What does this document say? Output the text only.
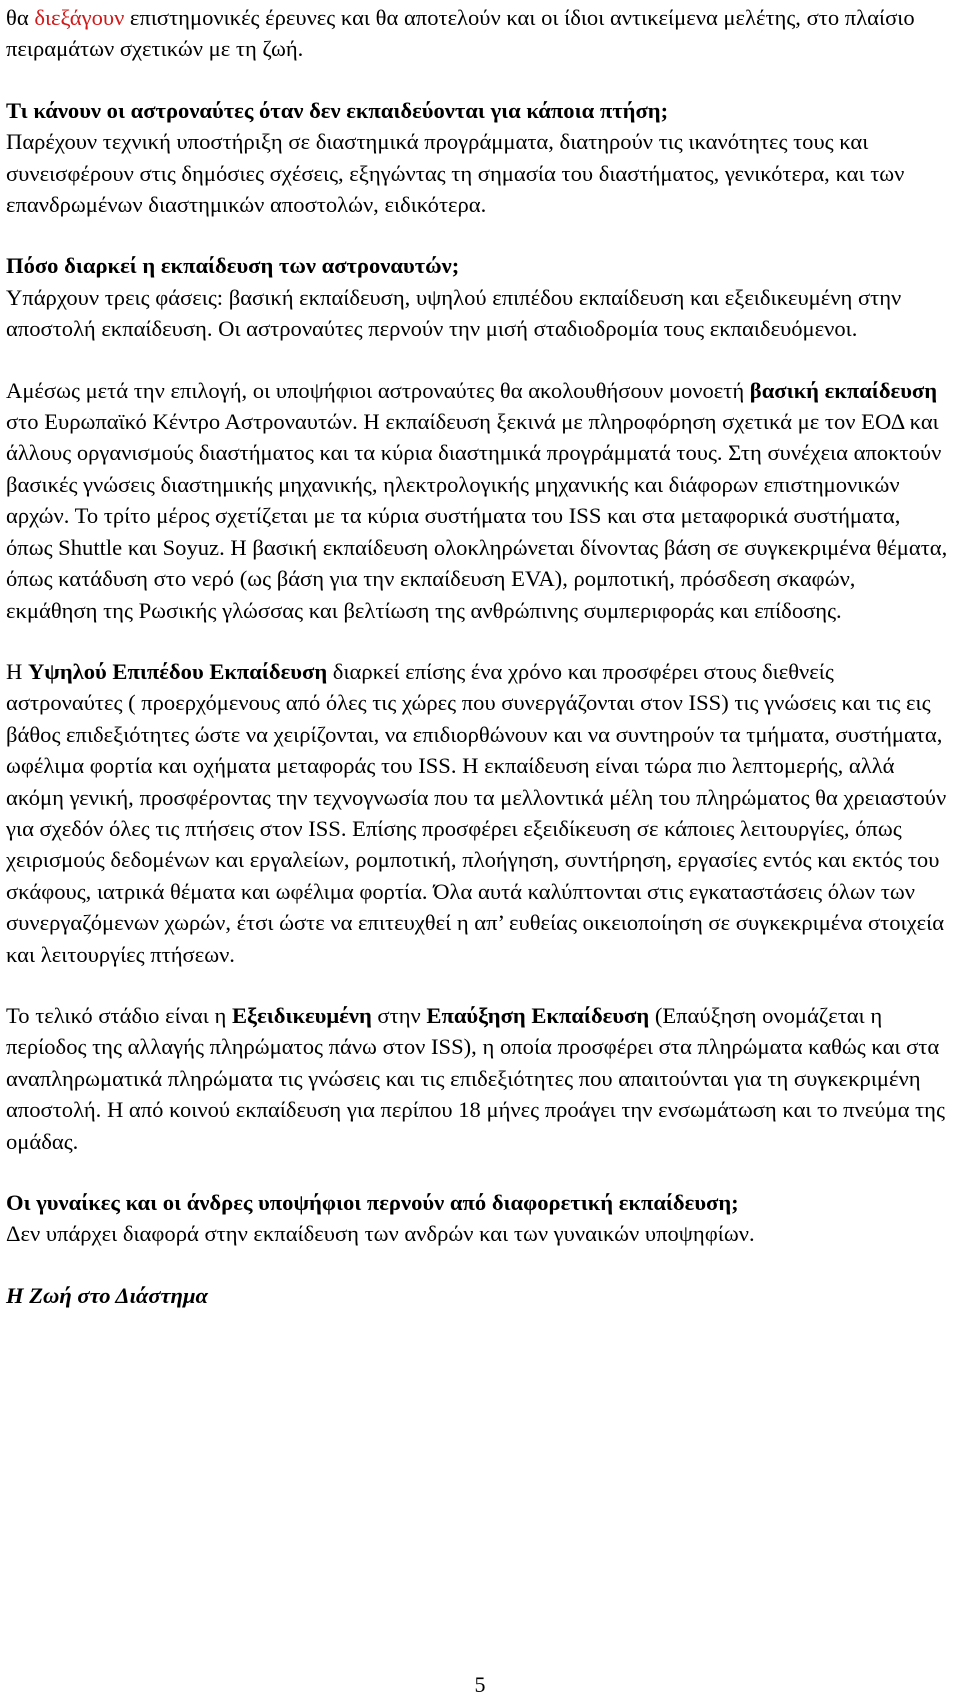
θα διεξάγουν επιστημονικές έρευνες και θα αποτελούν και οι ίδιοι αντικείμενα μελέτης, στο πλαίσιο πειραμάτων σχετικών με τη ζωή.

Τι κάνουν οι αστροναύτες όταν δεν εκπαιδεύονται για κάποια πτήση;
Παρέχουν τεχνική υποστήριξη σε διαστημικά προγράμματα, διατηρούν τις ικανότητες τους και συνεισφέρουν στις δημόσιες σχέσεις, εξηγώντας τη σημασία του διαστήματος, γενικότερα, και των επανδρωμένων διαστημικών αποστολών, ειδικότερα.

Πόσο διαρκεί η εκπαίδευση των αστροναυτών;
Υπάρχουν τρεις φάσεις: βασική εκπαίδευση, υψηλού επιπέδου εκπαίδευση και εξειδικευμένη στην αποστολή εκπαίδευση. Οι αστροναύτες περνούν την μισή σταδιοδρομία τους εκπαιδευόμενοι.

Αμέσως μετά την επιλογή, οι υποψήφιοι αστροναύτες θα ακολουθήσουν μονοετή βασική εκπαίδευση στο Ευρωπαϊκό Κέντρο Αστροναυτών. Η εκπαίδευση ξεκινά με πληροφόρηση σχετικά με τον ΕΟΔ και άλλους οργανισμούς διαστήματος και τα κύρια διαστημικά προγράμματά τους. Στη συνέχεια αποκτούν βασικές γνώσεις διαστημικής μηχανικής, ηλεκτρολογικής μηχανικής και διάφορων επιστημονικών αρχών. Το τρίτο μέρος σχετίζεται με τα κύρια συστήματα του ISS και στα μεταφορικά συστήματα, όπως Shuttle και Soyuz. Η βασική εκπαίδευση ολοκληρώνεται δίνοντας βάση σε συγκεκριμένα θέματα, όπως κατάδυση στο νερό (ως βάση για την εκπαίδευση EVA), ρομποτική, πρόσδεση σκαφών, εκμάθηση της Ρωσικής γλώσσας και βελτίωση της ανθρώπινης συμπεριφοράς και επίδοσης.

Η Υψηλού Επιπέδου Εκπαίδευση διαρκεί επίσης ένα χρόνο και προσφέρει στους διεθνείς αστροναύτες ( προερχόμενους από όλες τις χώρες που συνεργάζονται στον ISS) τις γνώσεις και τις εις βάθος επιδεξιότητες ώστε να χειρίζονται, να επιδιορθώνουν και να συντηρούν τα τμήματα, συστήματα, ωφέλιμα φορτία και οχήματα μεταφοράς του ISS. Η εκπαίδευση είναι τώρα πιο λεπτομερής, αλλά ακόμη γενική, προσφέροντας την τεχνογνωσία που τα μελλοντικά μέλη του πληρώματος θα χρειαστούν για σχεδόν όλες τις πτήσεις στον ISS. Επίσης προσφέρει εξειδίκευση σε κάποιες λειτουργίες, όπως χειρισμούς δεδομένων και εργαλείων, ρομποτική, πλοήγηση, συντήρηση, εργασίες εντός και εκτός του σκάφους, ιατρικά θέματα και ωφέλιμα φορτία. Όλα αυτά καλύπτονται στις εγκαταστάσεις όλων των συνεργαζόμενων χωρών, έτσι ώστε να επιτευχθεί η απ’ ευθείας οικειοποίηση σε συγκεκριμένα στοιχεία και λειτουργίες πτήσεων.

Το τελικό στάδιο είναι η Εξειδικευμένη στην Επαύξηση Εκπαίδευση (Επαύξηση ονομάζεται η περίοδος της αλλαγής πληρώματος πάνω στον ISS), η οποία προσφέρει στα πληρώματα καθώς και στα αναπληρωματικά πληρώματα τις γνώσεις και τις επιδεξιότητες που απαιτούνται για τη συγκεκριμένη αποστολή. Η από κοινού εκπαίδευση για περίπου 18 μήνες προάγει την ενσωμάτωση και το πνεύμα της ομάδας.

Οι γυναίκες και οι άνδρες υποψήφιοι περνούν από διαφορετική εκπαίδευση;
Δεν υπάρχει διαφορά στην εκπαίδευση των ανδρών και των γυναικών υποψηφίων.

Η Ζωή στο Διάστημα

5
